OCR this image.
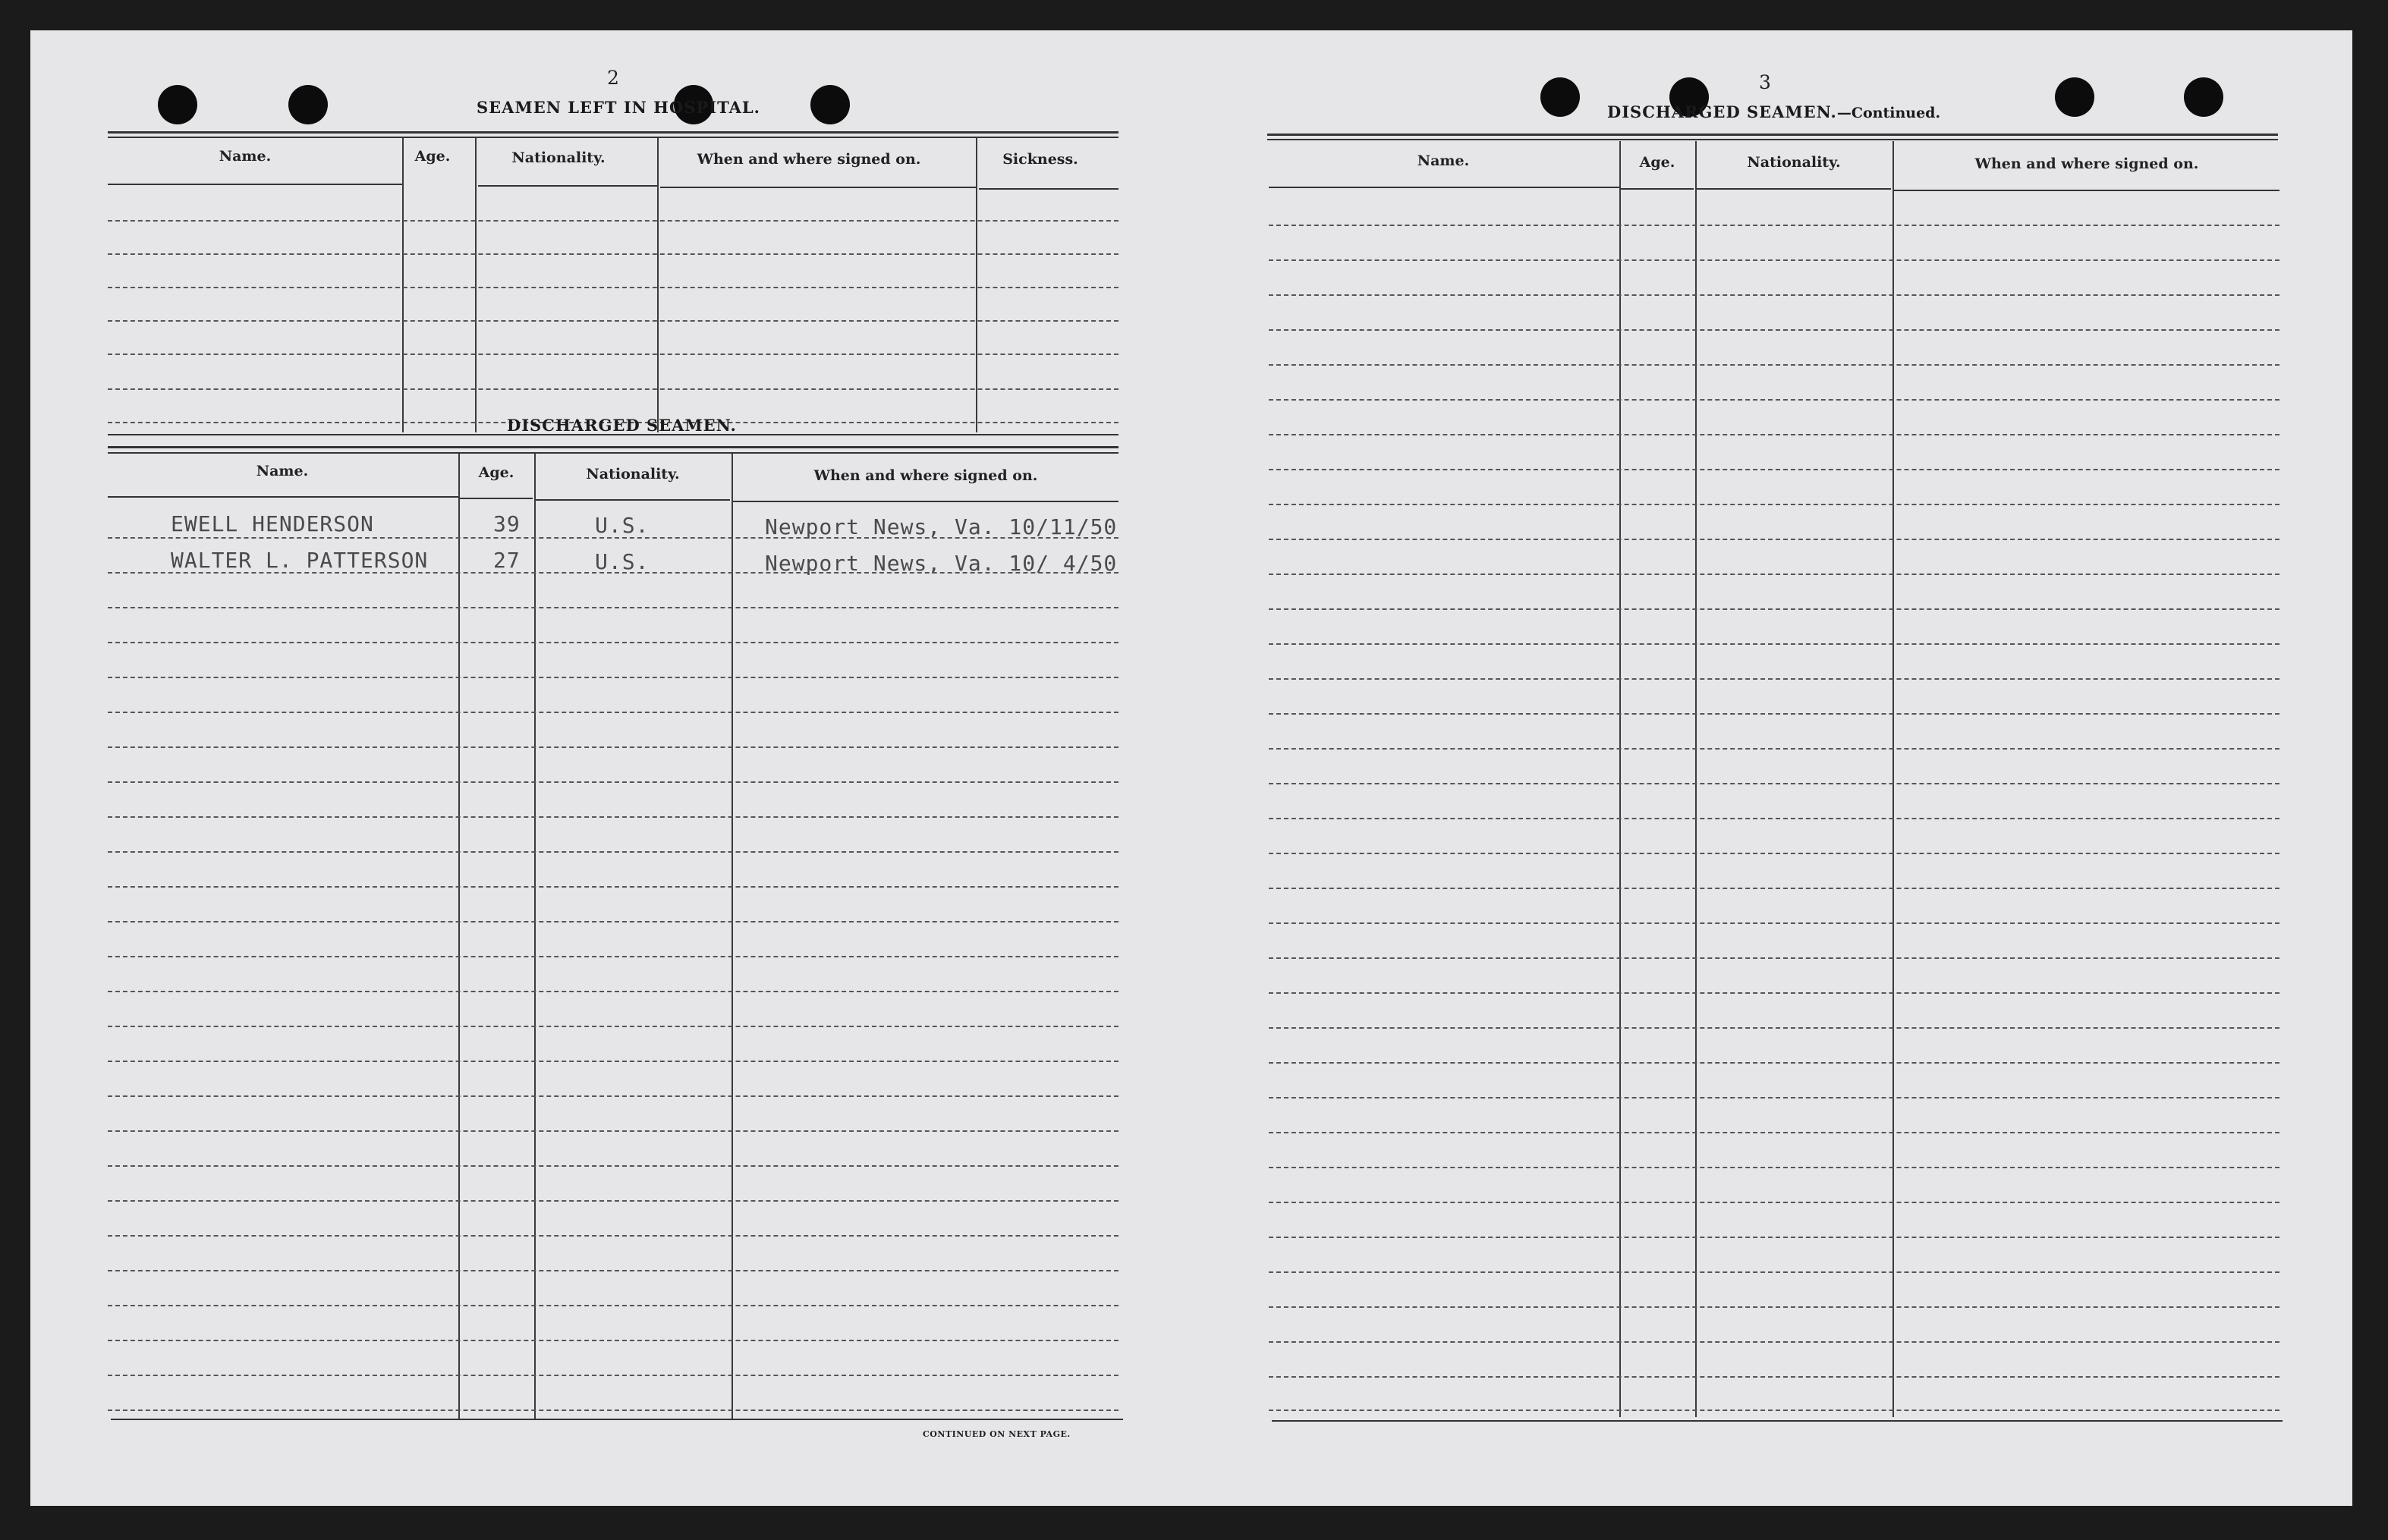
2
SEAMEN LEFT IN HOSPITAL.
Name.	Age.	Nationality.	When and where signed on.	Sickness.
DISCHARGED SEAMEN.
Name.	Age.	Nationality.	When and where signed on.
EWELL HENDERSON	39	U.S.	Newport News, Va. 10/11/50
WALTER L. PATTERSON	27	U.S.	Newport News, Va. 10/ 4/50
CONTINUED ON NEXT PAGE.
3
DISCHARGED SEAMEN.—Continued.
Name.	Age.	Nationality.	When and where signed on.
